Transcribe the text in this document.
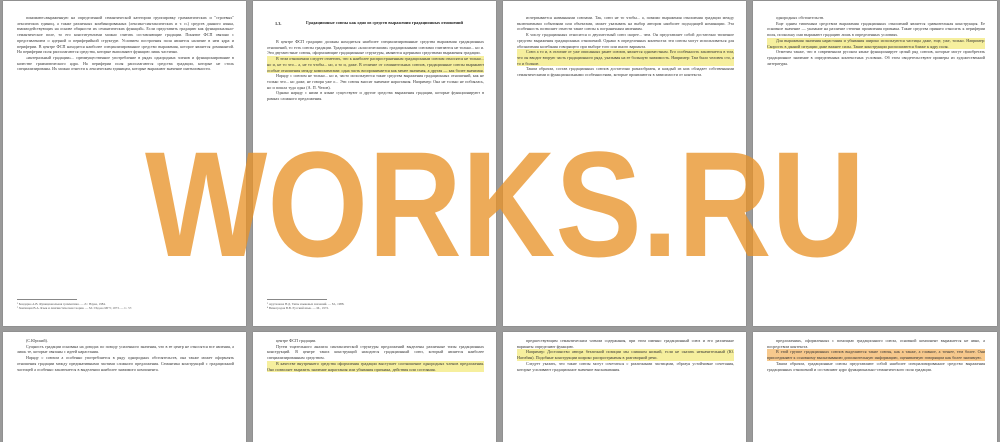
понимают«выраженную на определенной семантической категории группировку грамматических и "строевых" лексических единиц, а также различных комбинированных (лексико-синтаксических и т. п.) средств данного языка, взаимодействующих на основе общности их семантических функций». Если представить градацию как функционально-семантическое поле, то его конституентами можно считать составляющие градации. Понятие ФСП связано с представлением о ядерной и периферийной структуре. Условием построения поля является наличие в нем ядра и периферии. В центре ФСП находится наиболее специализированное средство выражения, которое является доминантой. На периферии поля располагаются средства, которые выполняют функцию лишь частично.

«интеральный градации»... преимущественное употребление в рядах однородных членов и функционирование в качестве грамматического ядра. На периферии поля располагаются средства градации, которые не столь специализированы. Их можно отнести к лексическим единицам, которые выражают значение интенсивности.

¹ Бондарко А.В. Функциональная грамматика. — Л.: Наука, 1984.

² Звегинцев В.А. Язык и лингвистическая теория. — М.: Изд-во МГУ, 1973. — С. 57.

1.3.	Градационные союзы как одно из средств выражения градационных отношений

В центре ФСП градации должны находиться наиболее специализированные средства выражения градационных отношений, то есть союзы градации. Традиционно «классическими» градационными союзами считаются не только... но и. Эти двухместные союзы, оформляющие градационные структуры, являются ядерными средствами выражения градации.

В этом отношении следует отметить, что к наиболее распространенным градационным союзам относятся не только... но и, не то что... а, не то чтобы... но, а то и, даже. В отличие от сочинительных союзов, градационные союзы выражают особые отношения между компонентами: одна часть воспринимается как менее значимая, а другая — как более значимая.

Наряду с союзом не только... но и, часто используются такие средства выражения градационных отношений, как не только что... но даже, не говоря уже о... Эти союзы вносят значение нарастания. Например: Она не только не побоялась, но и пошла туда одна (А. П. Чехов).

Однако наряду с ними в языке существуют и другие средства выражения градации, которые функционируют в рамках сложного предложения.

³ Арутюнова Н.Д. Типы языковых значений. — М., 1988.

⁴ Виноградов В.В. Русский язык. — М., 1972.

исчерпывается названными союзами. Так, союз не то чтобы... а, помимо выражения отношения градации между включаемыми событиями или объектами, может указывать на выбор автором наиболее подходящей номинации. Эта особенность позволяет отнести такие союзы к пограничным явлениям.

К числу градационных относится и двухместный союз скорее... чем. Он представляет собой достаточно типичное средство выражения градационных отношений. Однако в определенных контекстах эти союзы могут использоваться для обозначения колебания говорящего при выборе того или иного варианта.

Союз а то и, в отличие от уже описанных ранее союзов, является одноместным. Его особенность заключается в том, что он вводит вторую часть градационного ряда, указывая на ее большую значимость. Например: Там было человек сто, а то и больше.

Таким образом, состав градационных союзов достаточно разнообразен, и каждый из них обладает собственными семантическими и функциональными особенностями, которые проявляются в зависимости от контекста.

однородных обстоятельств.

Еще одним типичным средством выражения градационных отношений является сравнительная конструкция. Ее основное значение — указание на различие степени проявления признака. Такие средства принято относить к периферии поля, поскольку они выражают градацию лишь в определенных условиях.

Для выражения значения нарастания и убывания широко используются частицы даже, еще, уже, только. Например: Скорость в данной ситуации даже важнее силы. Такие конструкции располагаются ближе к ядру поля.

Отметим также, что в современном русском языке функционирует целый ряд союзов, которые могут приобретать градационное значение в определенных контекстных условиях. Об этом свидетельствуют примеры из художественной литературы.

(С.Юрский).

Сущность градации основана на доводах по поводу усиленного значения, что в ее центр не относятся все явления, а лишь те, которые связаны с идеей нарастания.

Наряду с союзом а особенно употребляется в ряду однородных обстоятельств, она также может оформлять отношения градации между предикативными частями сложного предложения. Семантика конструкций с градационной частицей а особенно заключается в выделении наиболее значимого компонента.

центре ФСП градации.

Путем тщательного анализа синтаксической структуры предложений выделены различные типы градационных конструкций. В центре таких конструкций находится градационный союз, который является наиболее специализированным средством.

В качестве внутреннего средства оформления градации выступает соотношение однородных членов предложения. Оно позволяет выразить значение нарастания или убывания признака, действия или состояния.

предшествующим семантическим членом содержания, при этом именно градационный союз и его различные варианты определяют функцию.

Например: Достоинство автора безличной позиции мы слишком низкий, если не сказать незначительный (Ю. Нагибин). Подобные конструкции широко распространены в разговорной речи.

Следует указать, что такие союзы могут сочетаться с различными частицами, образуя устойчивые сочетания, которые усиливают градационное значение высказывания.

предложениях, оформленных с помощью градационного союза, основной компонент выражается не явно, а посредством контекста.

В этой группе градационных союзов выделяются такие союзы, как а также, а главное, а точнее, тем более. Они присоединяют к основному высказыванию дополнительную информацию, оцениваемую говорящим как более значимую.

Таким образом, градационные союзы представляют собой наиболее специализированное средство выражения градационных отношений и составляют ядро функционально-семантического поля градации.

WORKS.RU
